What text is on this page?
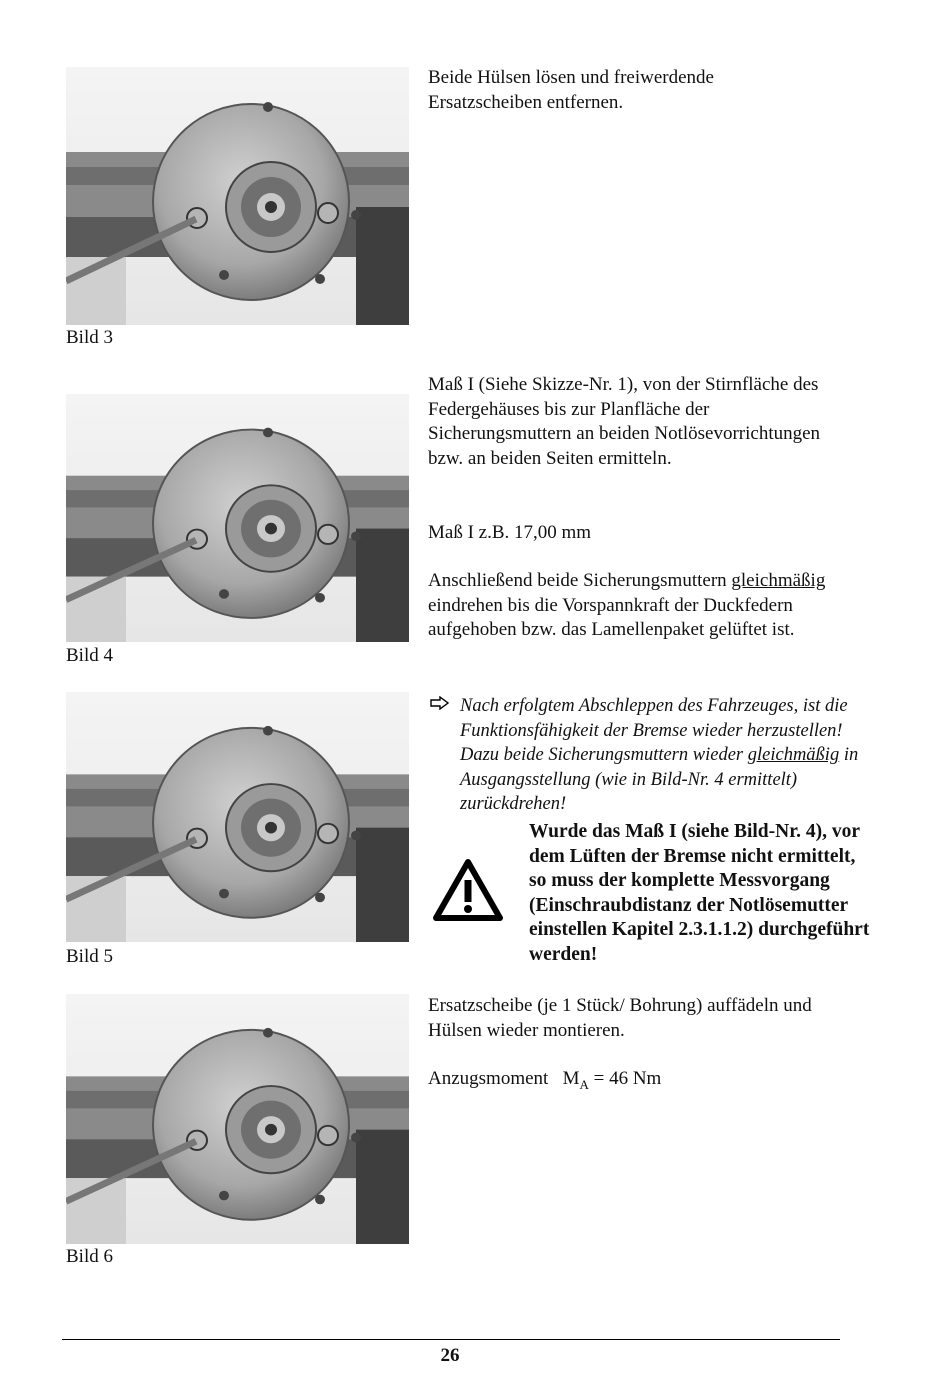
Bild 3
Bild 4
Bild 5
Bild 6
Beide Hülsen lösen und freiwerdende Ersatzscheiben entfernen.
Maß I (Siehe Skizze-Nr. 1), von der Stirnfläche des Federgehäuses bis zur Planfläche der Sicherungsmuttern an beiden Notlösevorrichtungen bzw. an beiden Seiten ermitteln.
Maß I z.B. 17,00 mm
Anschließend beide Sicherungsmuttern gleichmäßig eindrehen bis die Vorspannkraft der Duckfedern aufgehoben bzw. das Lamellenpaket gelüftet ist.
Nach erfolgtem Abschleppen des Fahrzeuges, ist die Funktionsfähigkeit der Bremse wieder herzustellen! Dazu beide Sicherungsmuttern wieder gleichmäßig in Ausgangsstellung (wie in Bild-Nr. 4 ermittelt) zurückdrehen!
Wurde das Maß I (siehe Bild-Nr. 4), vor dem Lüften der Bremse nicht ermittelt, so muss der komplette Messvorgang (Einschraubdistanz der Notlösemutter einstellen Kapitel 2.3.1.1.2) durchgeführt werden!
Ersatzscheibe (je 1 Stück/ Bohrung) auffädeln und Hülsen wieder montieren.
Anzugsmoment $M_A = 46$ Nm
26
